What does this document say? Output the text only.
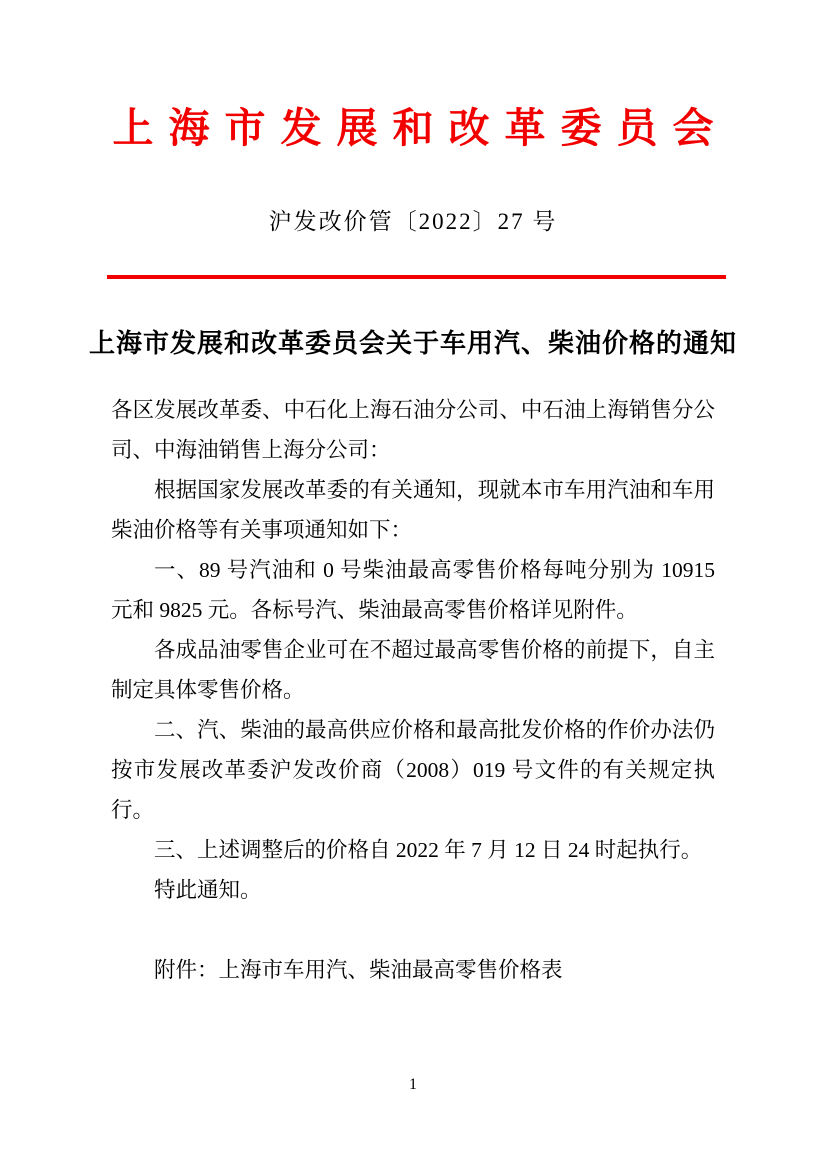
上海市发展和改革委员会
沪发改价管〔2022〕27 号
上海市发展和改革委员会关于车用汽、柴油价格的通知

各区发展改革委、中石化上海石油分公司、中石油上海销售分公司、中海油销售上海分公司：

根据国家发展改革委的有关通知，现就本市车用汽油和车用柴油价格等有关事项通知如下：

一、89 号汽油和 0 号柴油最高零售价格每吨分别为 10915 元和 9825 元。各标号汽、柴油最高零售价格详见附件。

各成品油零售企业可在不超过最高零售价格的前提下，自主制定具体零售价格。

二、汽、柴油的最高供应价格和最高批发价格的作价办法仍按市发展改革委沪发改价商（2008）019 号文件的有关规定执行。

三、上述调整后的价格自 2022 年 7 月 12 日 24 时起执行。

特此通知。

附件：上海市车用汽、柴油最高零售价格表

1
